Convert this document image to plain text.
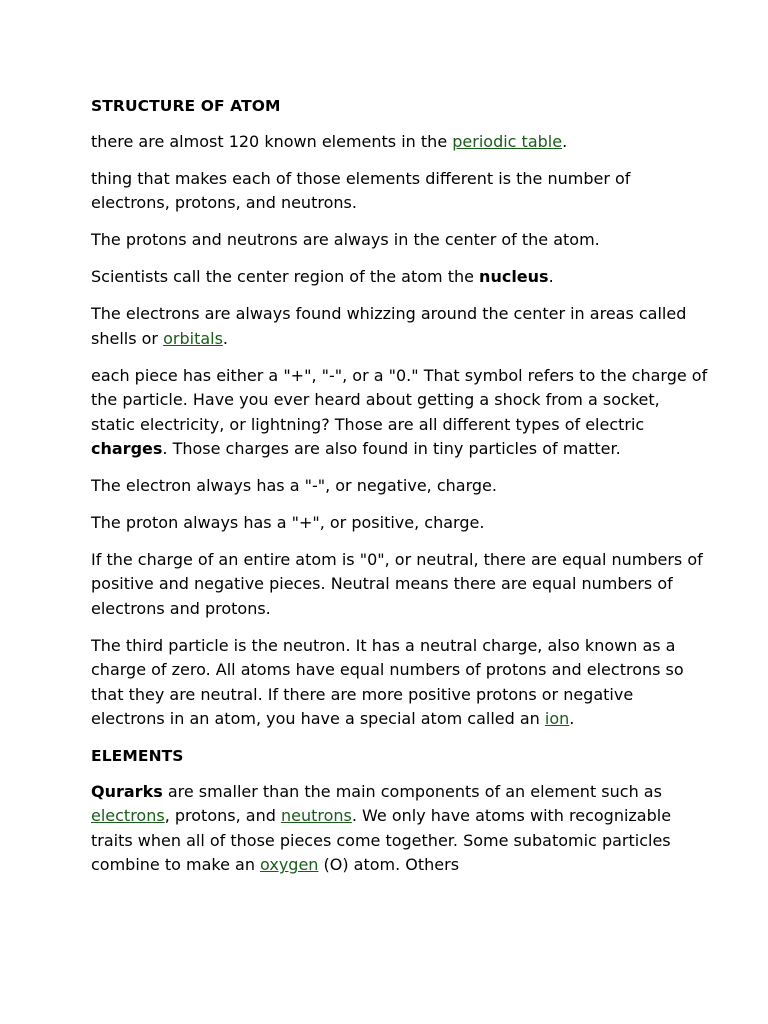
STRUCTURE OF ATOM

there are almost 120 known elements in the periodic table.

thing that makes each of those elements different is the number of electrons, protons, and neutrons.

The protons and neutrons are always in the center of the atom.

Scientists call the center region of the atom the nucleus.

The electrons are always found whizzing around the center in areas called shells or orbitals.

each piece has either a "+", "-", or a "0." That symbol refers to the charge of the particle. Have you ever heard about getting a shock from a socket, static electricity, or lightning? Those are all different types of electric charges. Those charges are also found in tiny particles of matter.

The electron always has a "-", or negative, charge.

The proton always has a "+", or positive, charge.

If the charge of an entire atom is "0", or neutral, there are equal numbers of positive and negative pieces. Neutral means there are equal numbers of electrons and protons.

The third particle is the neutron. It has a neutral charge, also known as a charge of zero. All atoms have equal numbers of protons and electrons so that they are neutral. If there are more positive protons or negative electrons in an atom, you have a special atom called an ion.

ELEMENTS

Qurarks are smaller than the main components of an element such as electrons, protons, and neutrons. We only have atoms with recognizable traits when all of those pieces come together. Some subatomic particles combine to make an oxygen (O) atom. Others
